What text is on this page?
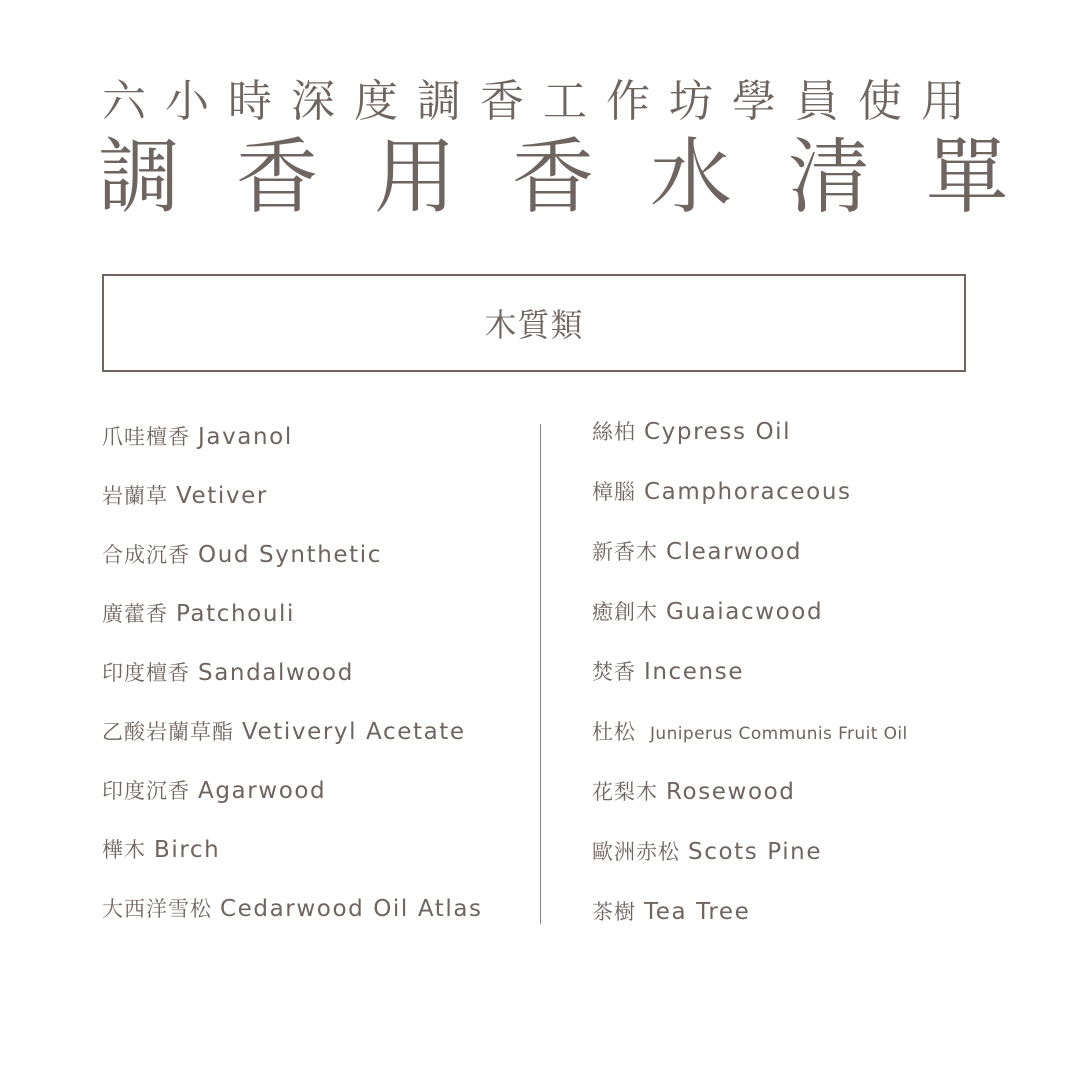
六小時深度調香工作坊學員使用
調香用香水清單
木質類
爪哇檀香 Javanol
岩蘭草 Vetiver
合成沉香 Oud Synthetic
廣藿香 Patchouli
印度檀香 Sandalwood
乙酸岩蘭草酯 Vetiveryl Acetate
印度沉香 Agarwood
樺木 Birch
大西洋雪松 Cedarwood Oil Atlas
絲柏 Cypress Oil
樟腦 Camphoraceous
新香木 Clearwood
癒創木 Guaiacwood
焚香 Incense
杜松 Juniperus Communis Fruit Oil
花梨木 Rosewood
歐洲赤松 Scots Pine
茶樹 Tea Tree
